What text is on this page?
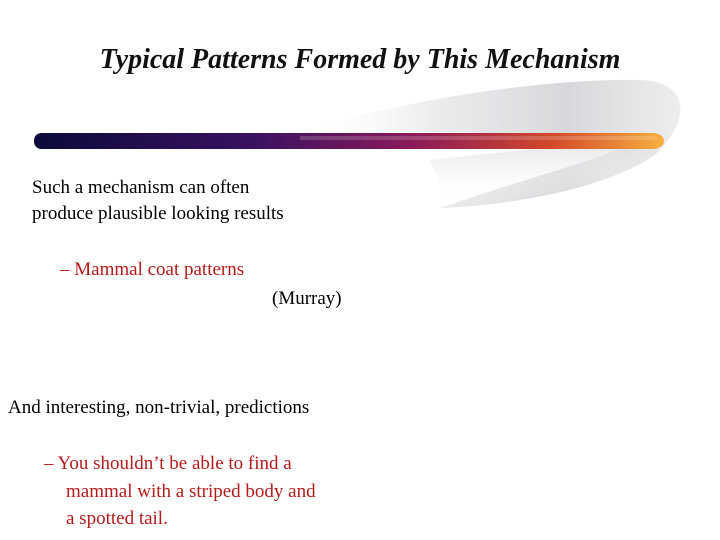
Typical Patterns Formed by This Mechanism

Such a mechanism can often

produce plausible looking results

– Mammal coat patterns

(Murray)

And interesting, non-trivial, predictions

– You shouldn’t be able to find a

mammal with a striped body and

a spotted tail.
